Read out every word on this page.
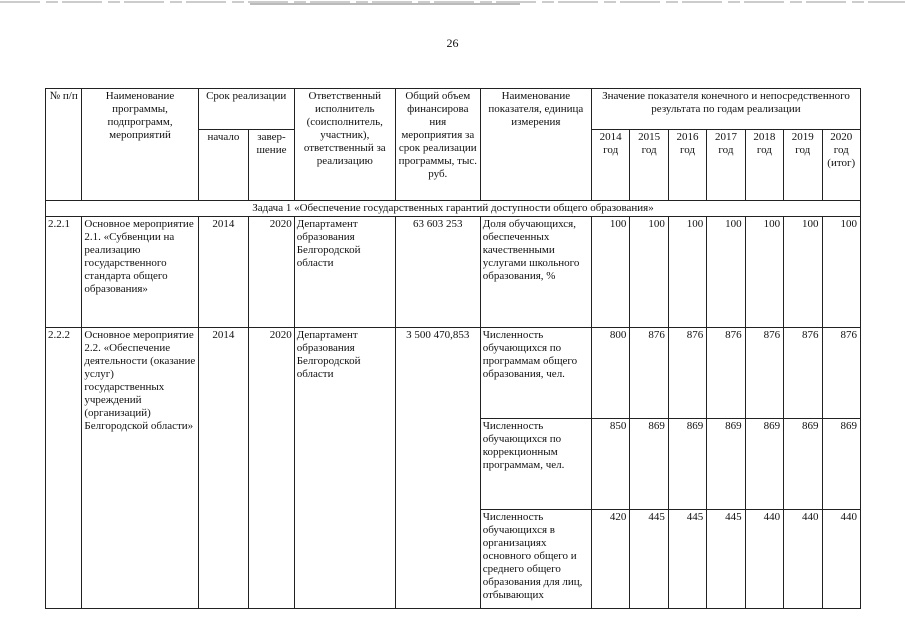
26
№ п/п	Наименование программы, подпрограмм, мероприятий	Срок реализации		Ответственный исполнитель (соисполнитель, участник), ответственный за реализацию	Общий объем финансирова ния мероприятия за срок реализации программы, тыс. руб.	Наименование показателя, единица измерения	Значение показателя конечного и непосредственного результата по годам реализации						
		начало	завер-шение				2014 год	2015 год	2016 год	2017 год	2018 год	2019 год	2020 год (итог)
Задача 1 «Обеспечение государственных гарантий доступности общего образования»													
2.2.1	Основное мероприятие 2.1. «Субвенции на реализацию государственного стандарта общего образования»	2014	2020	Департамент образования Белгородской области	63 603 253	Доля обучающихся, обеспеченных качественными услугами школьного образования, %	100	100	100	100	100	100	100
2.2.2	Основное мероприятие 2.2. «Обеспечение деятельности (оказание услуг) государственных учреждений (организаций) Белгородской области»	2014	2020	Департамент образования Белгородской области	3 500 470,853	Численность обучающихся по программам общего образования, чел.	800	876	876	876	876	876	876
						Численность обучающихся по коррекционным программам, чел.	850	869	869	869	869	869	869
						Численность обучающихся в организациях основного общего и среднего общего образования для лиц, отбывающих	420	445	445	445	440	440	440
